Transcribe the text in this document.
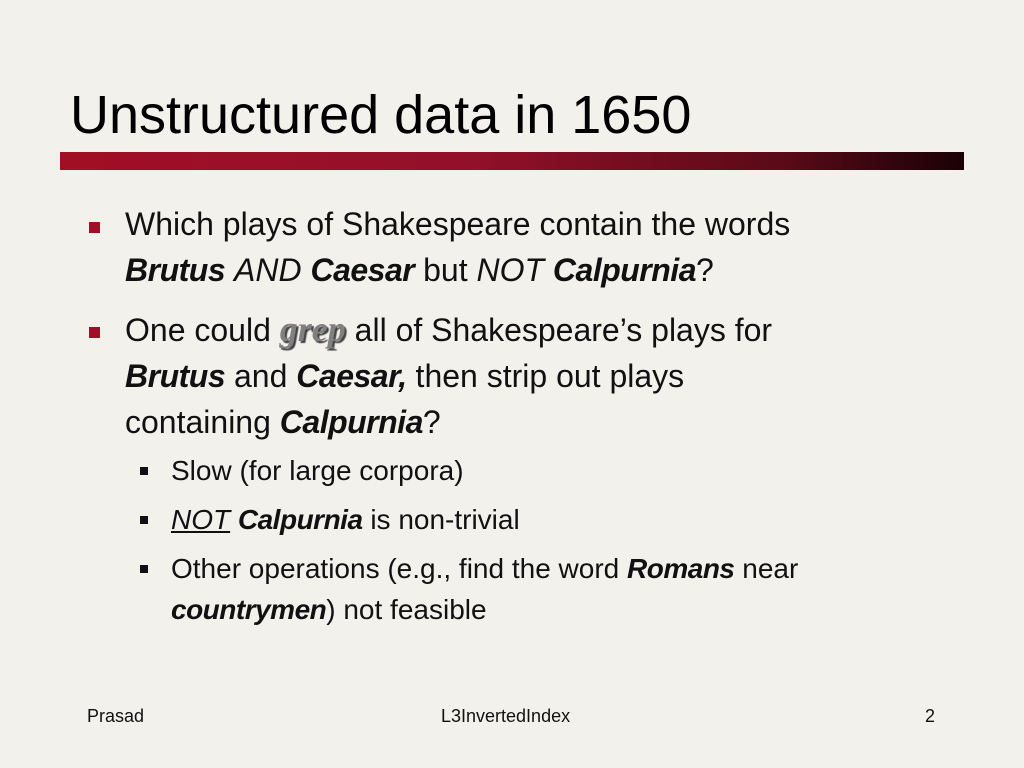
Unstructured data in 1650
Which plays of Shakespeare contain the words
Brutus AND Caesar but NOT Calpurnia?
One could grep all of Shakespeare’s plays for
Brutus and Caesar, then strip out plays
containing Calpurnia?
Slow (for large corpora)
NOT Calpurnia is non-trivial
Other operations (e.g., find the word Romans near
countrymen) not feasible
Prasad	L3InvertedIndex	2
